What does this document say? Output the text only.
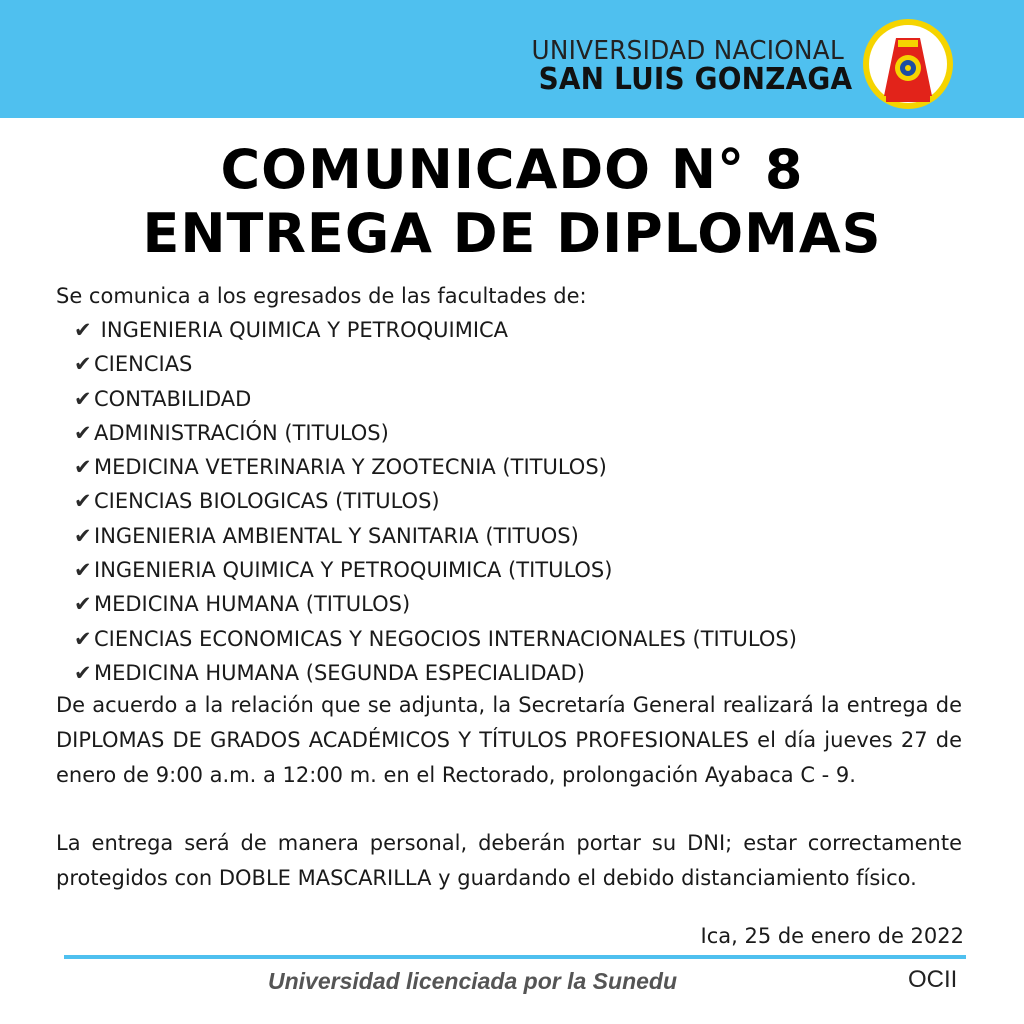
UNIVERSIDAD NACIONAL
SAN LUIS GONZAGA
COMUNICADO N° 8
ENTREGA DE DIPLOMAS
Se comunica a los egresados de las facultades de:
✔ INGENIERIA QUIMICA Y PETROQUIMICA
✔ CIENCIAS
✔ CONTABILIDAD
✔ ADMINISTRACIÓN (TITULOS)
✔ MEDICINA VETERINARIA Y ZOOTECNIA (TITULOS)
✔ CIENCIAS BIOLOGICAS (TITULOS)
✔ INGENIERIA AMBIENTAL Y SANITARIA (TITUOS)
✔ INGENIERIA QUIMICA Y PETROQUIMICA (TITULOS)
✔ MEDICINA HUMANA (TITULOS)
✔ CIENCIAS ECONOMICAS Y NEGOCIOS INTERNACIONALES (TITULOS)
✔ MEDICINA HUMANA (SEGUNDA ESPECIALIDAD)
De acuerdo a la relación que se adjunta, la Secretaría General realizará la entrega de DIPLOMAS DE GRADOS ACADÉMICOS Y TÍTULOS PROFESIONALES el día jueves 27 de enero de 9:00 a.m. a 12:00 m. en el Rectorado, prolongación Ayabaca C - 9.
La entrega será de manera personal, deberán portar su DNI; estar correctamente protegidos con DOBLE MASCARILLA y guardando el debido distanciamiento físico.
Ica, 25 de enero de 2022
Universidad licenciada por la Sunedu	OCII
